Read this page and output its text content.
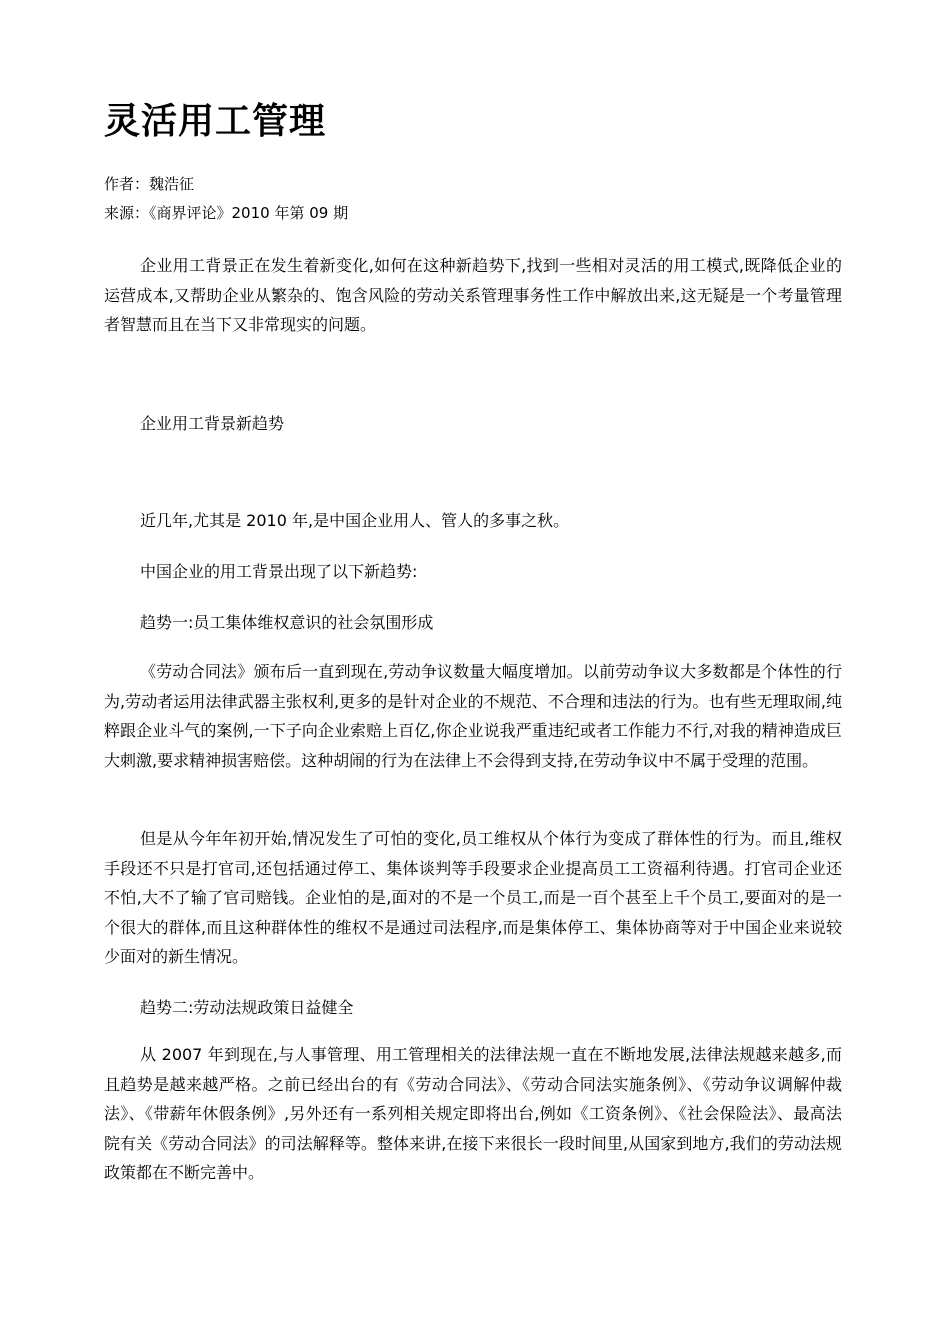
灵活用工管理
作者：魏浩征
来源：《商界评论》2010 年第 09 期

企业用工背景正在发生着新变化,如何在这种新趋势下,找到一些相对灵活的用工模式,既降低企业的运营成本,又帮助企业从繁杂的、饱含风险的劳动关系管理事务性工作中解放出来,这无疑是一个考量管理者智慧而且在当下又非常现实的问题。

企业用工背景新趋势

近几年,尤其是 2010 年,是中国企业用人、管人的多事之秋。

中国企业的用工背景出现了以下新趋势:

趋势一:员工集体维权意识的社会氛围形成

《劳动合同法》颁布后一直到现在,劳动争议数量大幅度增加。以前劳动争议大多数都是个体性的行为,劳动者运用法律武器主张权利,更多的是针对企业的不规范、不合理和违法的行为。也有些无理取闹,纯粹跟企业斗气的案例,一下子向企业索赔上百亿,你企业说我严重违纪或者工作能力不行,对我的精神造成巨大刺激,要求精神损害赔偿。这种胡闹的行为在法律上不会得到支持,在劳动争议中不属于受理的范围。

但是从今年年初开始,情况发生了可怕的变化,员工维权从个体行为变成了群体性的行为。而且,维权手段还不只是打官司,还包括通过停工、集体谈判等手段要求企业提高员工工资福利待遇。打官司企业还不怕,大不了输了官司赔钱。企业怕的是,面对的不是一个员工,而是一百个甚至上千个员工,要面对的是一个很大的群体,而且这种群体性的维权不是通过司法程序,而是集体停工、集体协商等对于中国企业来说较少面对的新生情况。

趋势二:劳动法规政策日益健全

从 2007 年到现在,与人事管理、用工管理相关的法律法规一直在不断地发展,法律法规越来越多,而且趋势是越来越严格。之前已经出台的有《劳动合同法》、《劳动合同法实施条例》、《劳动争议调解仲裁法》、《带薪年休假条例》,另外还有一系列相关规定即将出台,例如《工资条例》、《社会保险法》、最高法院有关《劳动合同法》的司法解释等。整体来讲,在接下来很长一段时间里,从国家到地方,我们的劳动法规政策都在不断完善中。
